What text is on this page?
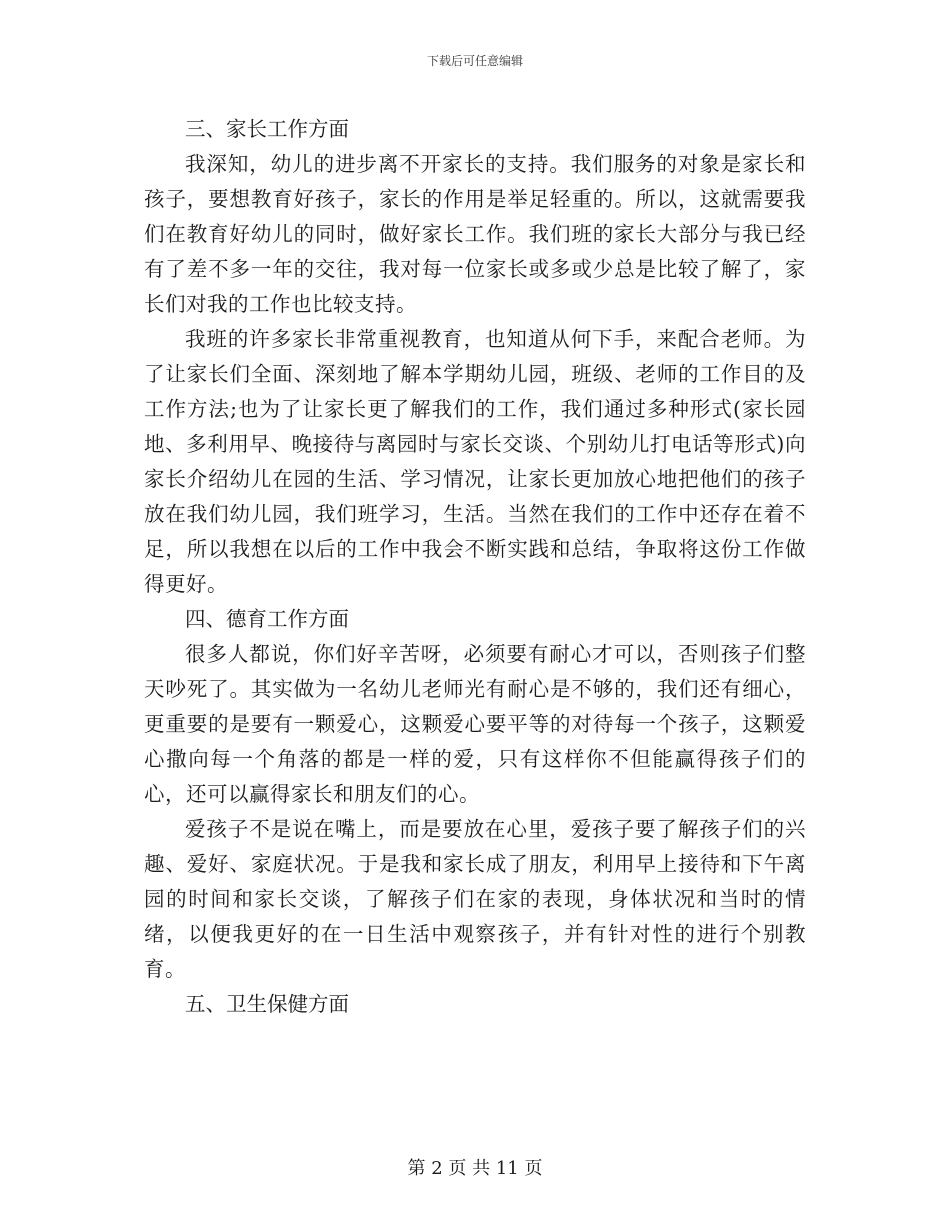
下载后可任意编辑

三、家长工作方面

我深知，幼儿的进步离不开家长的支持。我们服务的对象是家长和孩子，要想教育好孩子，家长的作用是举足轻重的。所以，这就需要我们在教育好幼儿的同时，做好家长工作。我们班的家长大部分与我已经有了差不多一年的交往，我对每一位家长或多或少总是比较了解了，家长们对我的工作也比较支持。

我班的许多家长非常重视教育，也知道从何下手，来配合老师。为了让家长们全面、深刻地了解本学期幼儿园，班级、老师的工作目的及工作方法;也为了让家长更了解我们的工作，我们通过多种形式(家长园地、多利用早、晚接待与离园时与家长交谈、个别幼儿打电话等形式)向家长介绍幼儿在园的生活、学习情况，让家长更加放心地把他们的孩子放在我们幼儿园，我们班学习，生活。当然在我们的工作中还存在着不足，所以我想在以后的工作中我会不断实践和总结，争取将这份工作做得更好。

四、德育工作方面

很多人都说，你们好辛苦呀，必须要有耐心才可以，否则孩子们整天吵死了。其实做为一名幼儿老师光有耐心是不够的，我们还有细心，更重要的是要有一颗爱心，这颗爱心要平等的对待每一个孩子，这颗爱心撒向每一个角落的都是一样的爱，只有这样你不但能赢得孩子们的心，还可以赢得家长和朋友们的心。

爱孩子不是说在嘴上，而是要放在心里，爱孩子要了解孩子们的兴趣、爱好、家庭状况。于是我和家长成了朋友，利用早上接待和下午离园的时间和家长交谈，了解孩子们在家的表现，身体状况和当时的情绪，以便我更好的在一日生活中观察孩子，并有针对性的进行个别教育。

五、卫生保健方面

第 2 页 共 11 页
